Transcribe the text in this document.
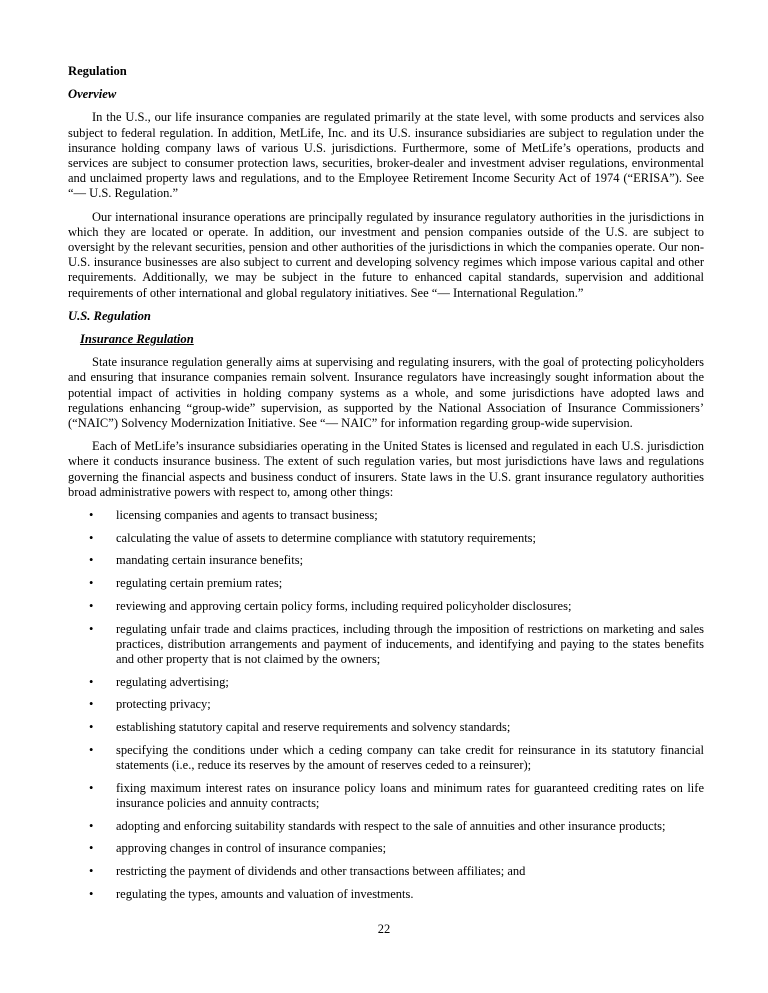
Regulation
Overview

In the U.S., our life insurance companies are regulated primarily at the state level, with some products and services also subject to federal regulation. In addition, MetLife, Inc. and its U.S. insurance subsidiaries are subject to regulation under the insurance holding company laws of various U.S. jurisdictions. Furthermore, some of MetLife’s operations, products and services are subject to consumer protection laws, securities, broker-dealer and investment adviser regulations, environmental and unclaimed property laws and regulations, and to the Employee Retirement Income Security Act of 1974 (“ERISA”). See “— U.S. Regulation.”

Our international insurance operations are principally regulated by insurance regulatory authorities in the jurisdictions in which they are located or operate. In addition, our investment and pension companies outside of the U.S. are subject to oversight by the relevant securities, pension and other authorities of the jurisdictions in which the companies operate. Our non-U.S. insurance businesses are also subject to current and developing solvency regimes which impose various capital and other requirements. Additionally, we may be subject in the future to enhanced capital standards, supervision and additional requirements of other international and global regulatory initiatives. See “— International Regulation.”

U.S. Regulation
Insurance Regulation

State insurance regulation generally aims at supervising and regulating insurers, with the goal of protecting policyholders and ensuring that insurance companies remain solvent. Insurance regulators have increasingly sought information about the potential impact of activities in holding company systems as a whole, and some jurisdictions have adopted laws and regulations enhancing “group-wide” supervision, as supported by the National Association of Insurance Commissioners’ (“NAIC”) Solvency Modernization Initiative. See “— NAIC” for information regarding group-wide supervision.

Each of MetLife’s insurance subsidiaries operating in the United States is licensed and regulated in each U.S. jurisdiction where it conducts insurance business. The extent of such regulation varies, but most jurisdictions have laws and regulations governing the financial aspects and business conduct of insurers. State laws in the U.S. grant insurance regulatory authorities broad administrative powers with respect to, among other things:

• licensing companies and agents to transact business;
• calculating the value of assets to determine compliance with statutory requirements;
• mandating certain insurance benefits;
• regulating certain premium rates;
• reviewing and approving certain policy forms, including required policyholder disclosures;
• regulating unfair trade and claims practices, including through the imposition of restrictions on marketing and sales practices, distribution arrangements and payment of inducements, and identifying and paying to the states benefits and other property that is not claimed by the owners;
• regulating advertising;
• protecting privacy;
• establishing statutory capital and reserve requirements and solvency standards;
• specifying the conditions under which a ceding company can take credit for reinsurance in its statutory financial statements (i.e., reduce its reserves by the amount of reserves ceded to a reinsurer);
• fixing maximum interest rates on insurance policy loans and minimum rates for guaranteed crediting rates on life insurance policies and annuity contracts;
• adopting and enforcing suitability standards with respect to the sale of annuities and other insurance products;
• approving changes in control of insurance companies;
• restricting the payment of dividends and other transactions between affiliates; and
• regulating the types, amounts and valuation of investments.
22
